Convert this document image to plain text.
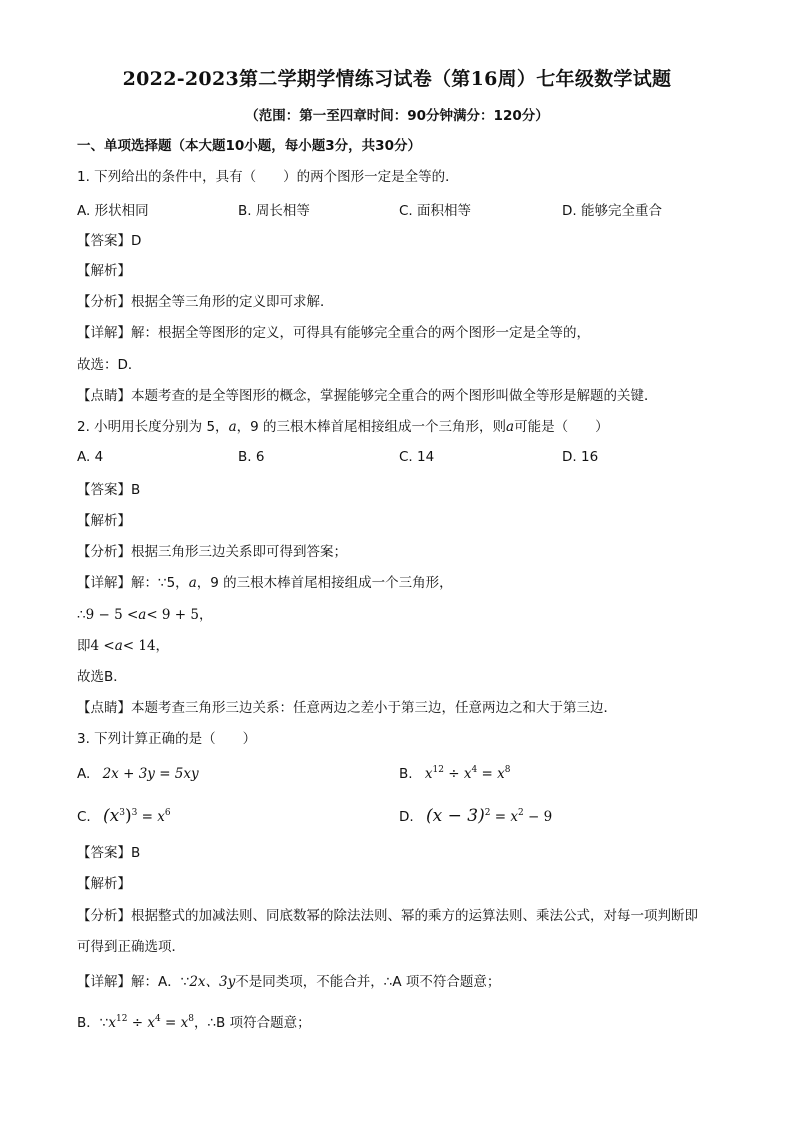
2022-2023第二学期学情练习试卷（第16周）七年级数学试题
（范围：第一至四章时间：90分钟满分：120分）
一、单项选择题（本大题10小题，每小题3分，共30分）
1. 下列给出的条件中，具有（　　）的两个图形一定是全等的．
A. 形状相同	B. 周长相等	C. 面积相等	D. 能够完全重合
【答案】D
【解析】
【分析】根据全等三角形的定义即可求解．
【详解】解：根据全等图形的定义，可得具有能够完全重合的两个图形一定是全等的，
故选：D．
【点睛】本题考查的是全等图形的概念，掌握能够完全重合的两个图形叫做全等形是解题的关键．
2. 小明用长度分别为 5，a，9 的三根木棒首尾相接组成一个三角形，则a可能是（　　）
A. 4	B. 6	C. 14	D. 16
【答案】B
【解析】
【分析】根据三角形三边关系即可得到答案；
【详解】解：∵5，a，9 的三根木棒首尾相接组成一个三角形，
∴9 − 5 <a< 9 + 5，
即4 <a< 14，
故选B．
【点睛】本题考查三角形三边关系：任意两边之差小于第三边，任意两边之和大于第三边．
3. 下列计算正确的是（　　）
A. 2x + 3y = 5xy	B. $x^{12} \div x^4 = x^8$
C. $(x^3)^3 = x^6$	D. $(x - 3)^2 = x^2 - 9$
【答案】B
【解析】
【分析】根据整式的加减法则、同底数幂的除法法则、幂的乘方的运算法则、乘法公式，对每一项判断即
可得到正确选项．
【详解】解：A．∵2x、3y不是同类项，不能合并，∴A 项不符合题意；
B．$\because x^{12} \div x^4 = x^8$，∴B 项符合题意；
